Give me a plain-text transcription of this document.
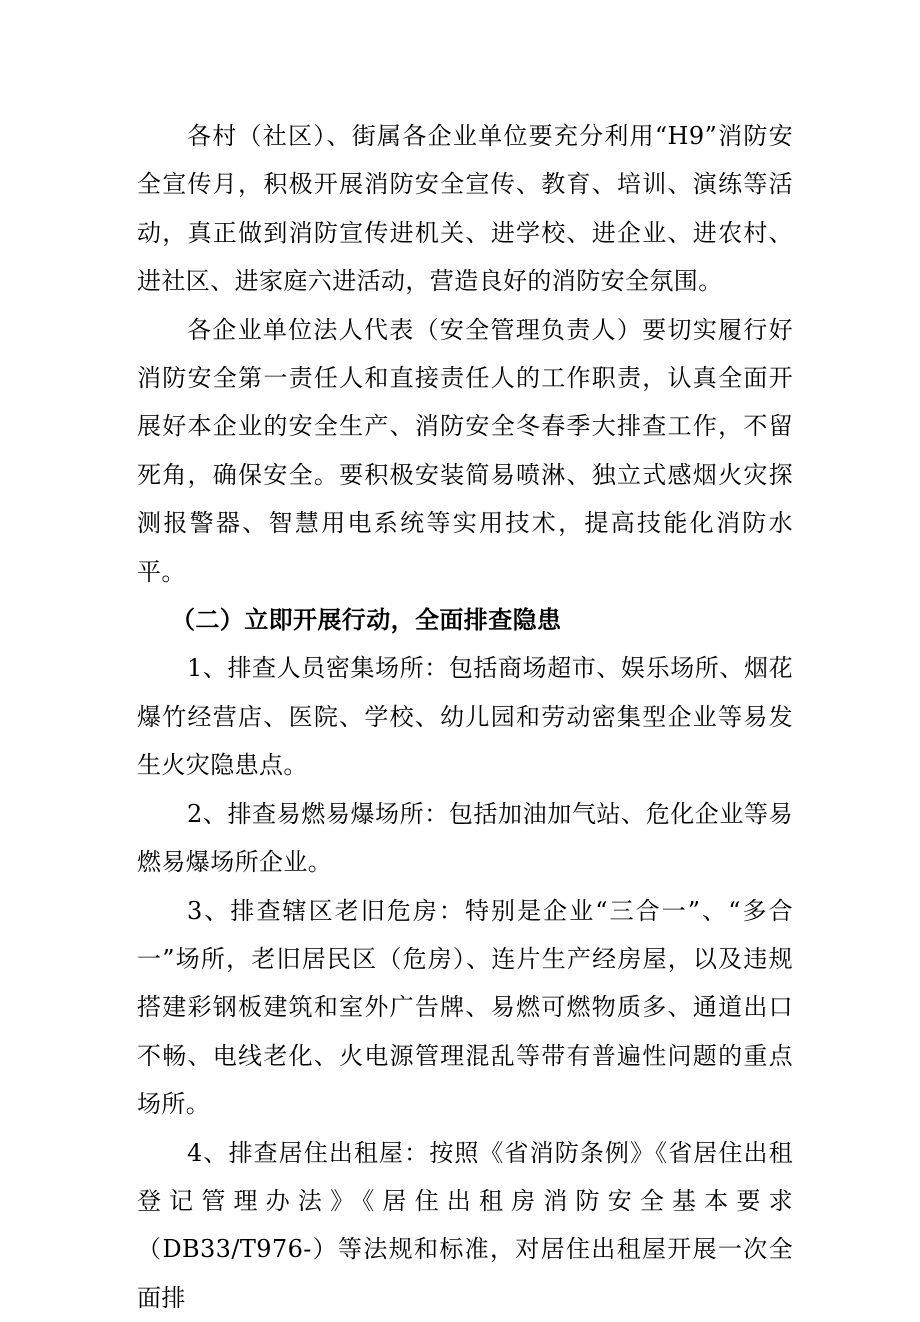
各村（社区）、街属各企业单位要充分利用“H9”消防安全宣传月，积极开展消防安全宣传、教育、培训、演练等活动，真正做到消防宣传进机关、进学校、进企业、进农村、进社区、进家庭六进活动，营造良好的消防安全氛围。

各企业单位法人代表（安全管理负责人）要切实履行好消防安全第一责任人和直接责任人的工作职责，认真全面开展好本企业的安全生产、消防安全冬春季大排查工作，不留死角，确保安全。要积极安装简易喷淋、独立式感烟火灾探测报警器、智慧用电系统等实用技术，提高技能化消防水平。

（二）立即开展行动，全面排查隐患

1、排查人员密集场所：包括商场超市、娱乐场所、烟花爆竹经营店、医院、学校、幼儿园和劳动密集型企业等易发生火灾隐患点。

2、排查易燃易爆场所：包括加油加气站、危化企业等易燃易爆场所企业。

3、排查辖区老旧危房：特别是企业“三合一”、“多合一”场所，老旧居民区（危房）、连片生产经房屋，以及违规搭建彩钢板建筑和室外广告牌、易燃可燃物质多、通道出口不畅、电线老化、火电源管理混乱等带有普遍性问题的重点场所。

4、排查居住出租屋：按照《省消防条例》《省居住出租登记管理办法》《居住出租房消防安全基本要求（DB33/T976-）等法规和标准，对居住出租屋开展一次全面排
